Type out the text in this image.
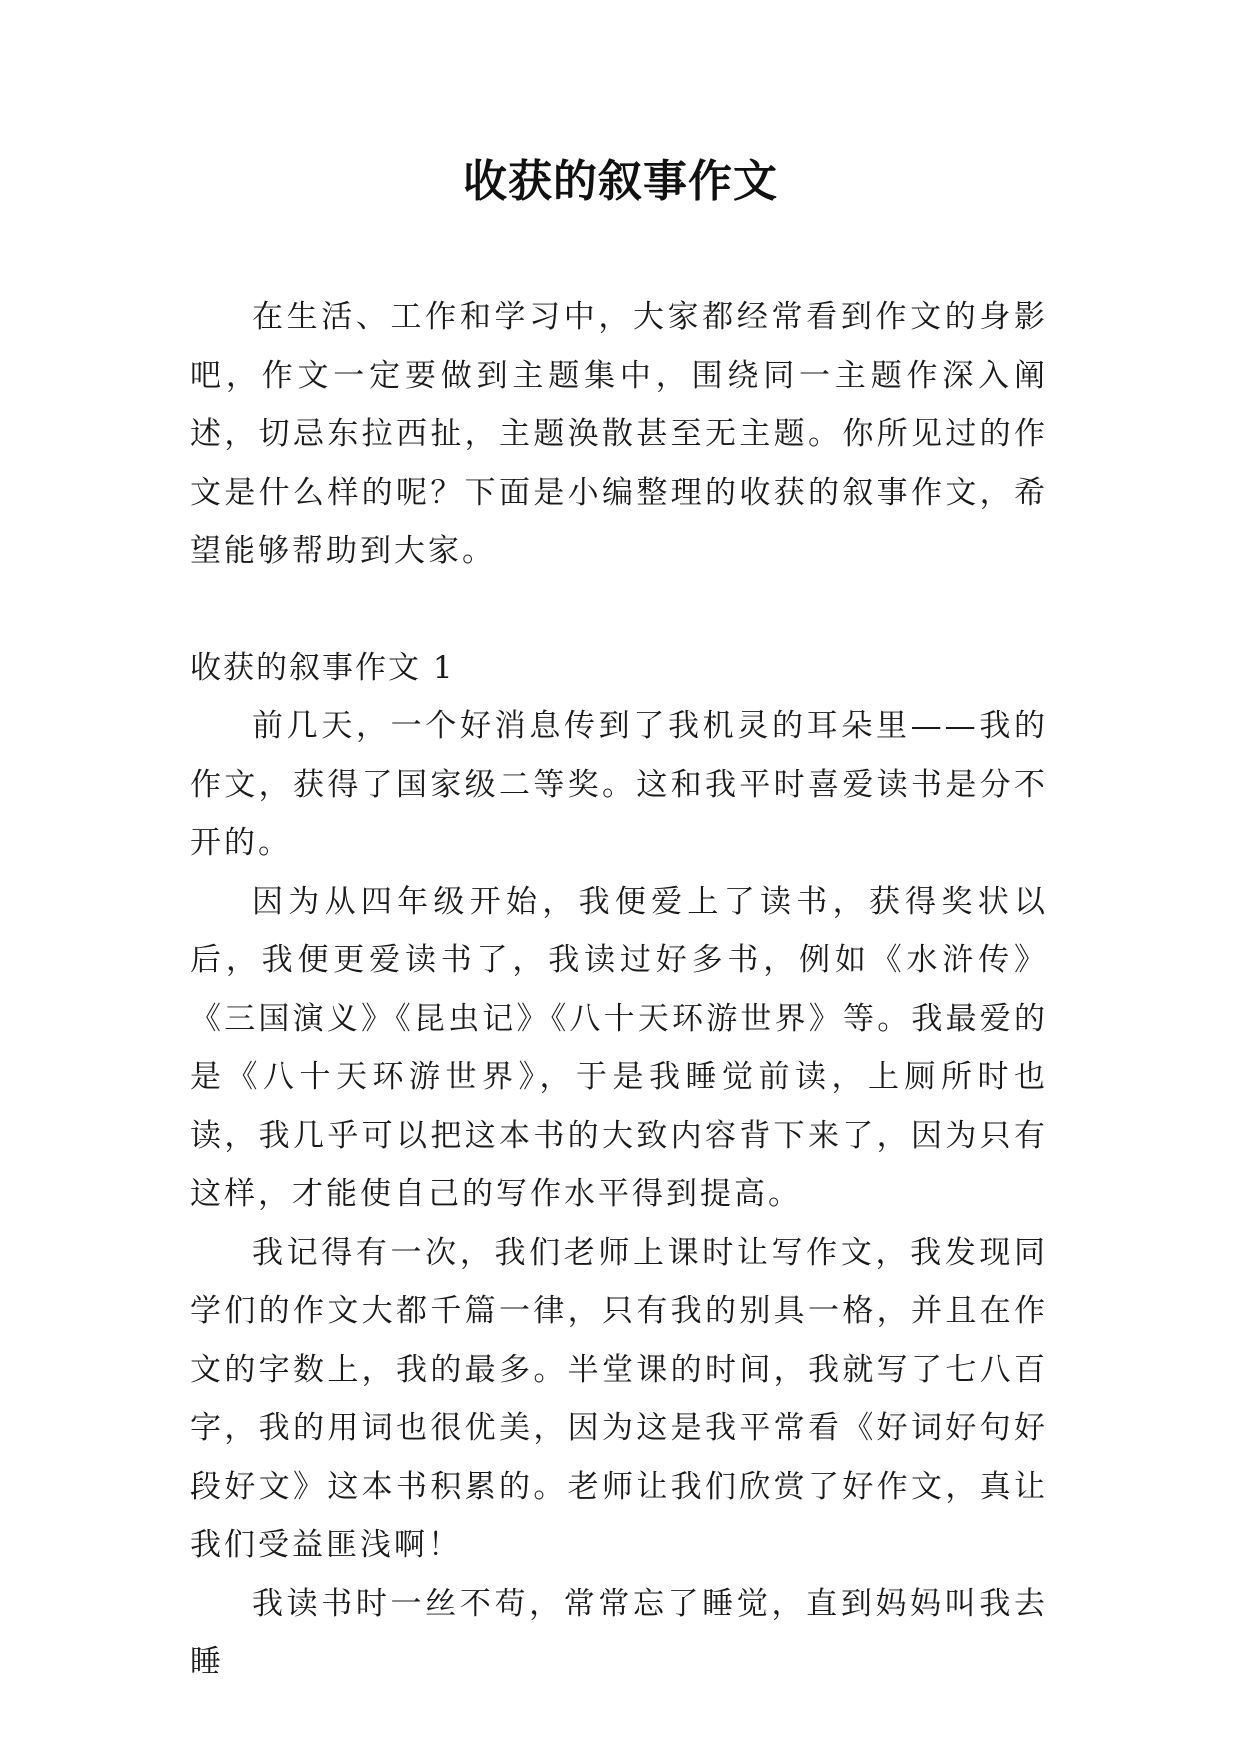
收获的叙事作文

在生活、工作和学习中，大家都经常看到作文的身影吧，作文一定要做到主题集中，围绕同一主题作深入阐述，切忌东拉西扯，主题涣散甚至无主题。你所见过的作文是什么样的呢？下面是小编整理的收获的叙事作文，希望能够帮助到大家。

收获的叙事作文 1

前几天，一个好消息传到了我机灵的耳朵里——我的作文，获得了国家级二等奖。这和我平时喜爱读书是分不开的。

因为从四年级开始，我便爱上了读书，获得奖状以后，我便更爱读书了，我读过好多书，例如《水浒传》《三国演义》《昆虫记》《八十天环游世界》等。我最爱的是《八十天环游世界》，于是我睡觉前读，上厕所时也读，我几乎可以把这本书的大致内容背下来了，因为只有这样，才能使自己的写作水平得到提高。

我记得有一次，我们老师上课时让写作文，我发现同学们的作文大都千篇一律，只有我的别具一格，并且在作文的字数上，我的最多。半堂课的时间，我就写了七八百字，我的用词也很优美，因为这是我平常看《好词好句好段好文》这本书积累的。老师让我们欣赏了好作文，真让我们受益匪浅啊！

我读书时一丝不苟，常常忘了睡觉，直到妈妈叫我去睡
